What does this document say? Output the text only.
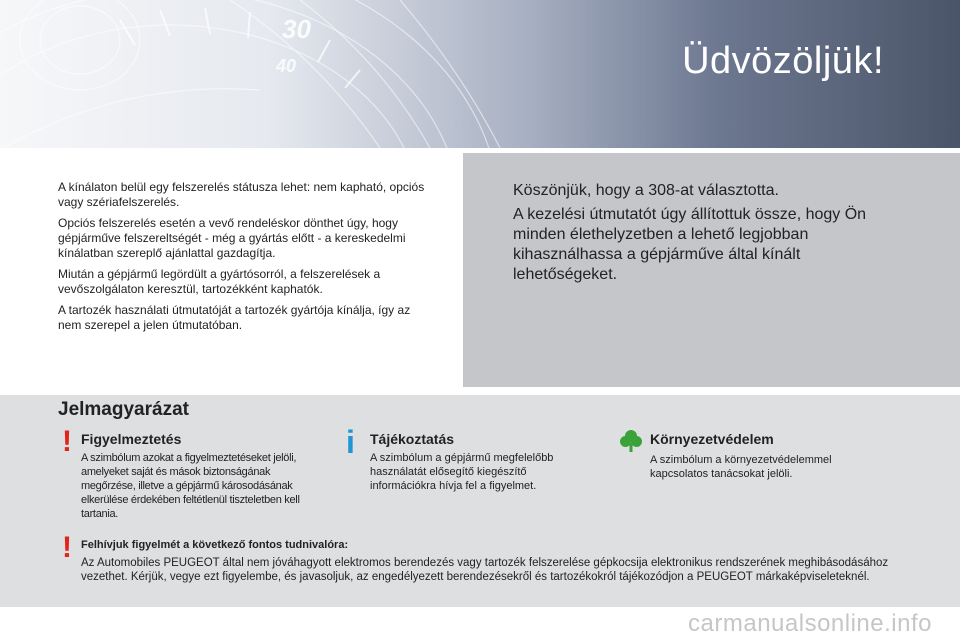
30
40	Üdvözöljük!

A kínálaton belül egy felszerelés státusza lehet: nem kapható, opciós vagy szériafelszerelés.

Opciós felszerelés esetén a vevő rendeléskor dönthet úgy, hogy gépjárműve felszereltségét - még a gyártás előtt - a kereskedelmi kínálatban szereplő ajánlattal gazdagítja.

Miután a gépjármű legördült a gyártósorról, a felszerelések a vevőszolgálaton keresztül, tartozékként kaphatók.

A tartozék használati útmutatóját a tartozék gyártója kínálja, így az nem szerepel a jelen útmutatóban.

Köszönjük, hogy a 308-at választotta.

A kezelési útmutatót úgy állítottuk össze, hogy Ön minden élethelyzetben a lehető legjobban kihasználhassa a gépjárműve által kínált lehetőségeket.

Jelmagyarázat
! Figyelmeztetés
A szimbólum azokat a figyelmeztetéseket jelöli, amelyeket saját és mások biztonságának megőrzése, illetve a gépjármű károsodásának elkerülése érdekében feltétlenül tiszteletben kell tartania.
i Tájékoztatás
A szimbólum a gépjármű megfelelőbb használatát elősegítő kiegészítő információkra hívja fel a figyelmet.
Környezetvédelem
A szimbólum a környezetvédelemmel kapcsolatos tanácsokat jelöli.
! Felhívjuk figyelmét a következő fontos tudnivalóra:
Az Automobiles PEUGEOT által nem jóváhagyott elektromos berendezés vagy tartozék felszerelése gépkocsija elektronikus rendszerének meghibásodásához vezethet. Kérjük, vegye ezt figyelembe, és javasoljuk, az engedélyezett berendezésekről és tartozékokról tájékozódjon a PEUGEOT márkaképviseleteknél.
carmanualsonline.info
